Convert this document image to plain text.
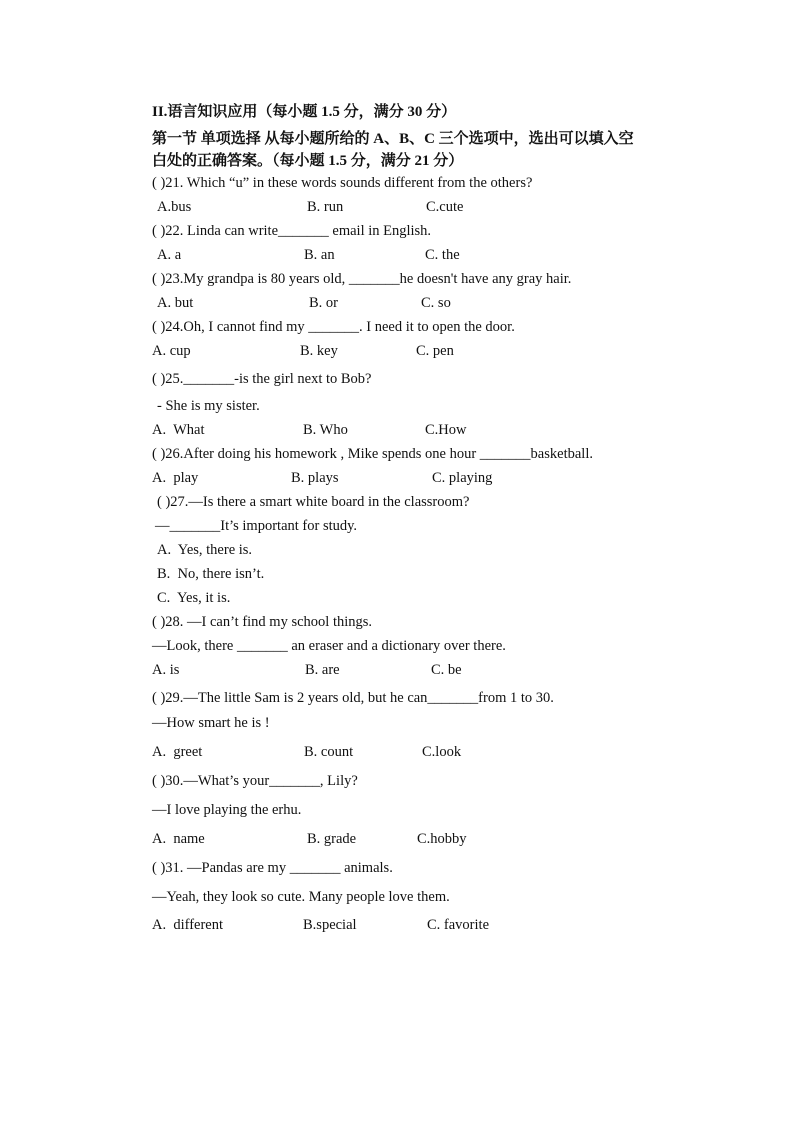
II.语言知识应用（每小题 1.5 分，满分 30 分）
第一节 单项选择 从每小题所给的 A、B、C 三个选项中，选出可以填入空
白处的正确答案。（每小题 1.5 分，满分 21 分）
( )21. Which “u” in these words sounds different from the others?
A.bus	B. run	C.cute
( )22. Linda can write_______ email in English.
A. a	B. an	C. the
( )23.My grandpa is 80 years old, _______he doesn't have any gray hair.
A. but	B. or	C. so
( )24.Oh, I cannot find my _______. I need it to open the door.
A. cup	B. key	C. pen
( )25._______-is the girl next to Bob?
- She is my sister.
A.  What	B. Who	C.How
( )26.After doing his homework , Mike spends one hour _______basketball.
A.  play	B. plays	C. playing
( )27.—Is there a smart white board in the classroom?
—_______It’s important for study.
A.  Yes, there is.
B.  No, there isn’t.
C.  Yes, it is.
( )28. —I can’t find my school things.
—Look, there _______ an eraser and a dictionary over there.
A. is	B. are	C. be
( )29.—The little Sam is 2 years old, but he can_______from 1 to 30.
—How smart he is !
A.  greet	B. count	C.look
( )30.—What’s your_______, Lily?
—I love playing the erhu.
A.  name	B. grade	C.hobby
( )31. —Pandas are my _______ animals.
—Yeah, they look so cute. Many people love them.
A.  different	B.special	C. favorite
